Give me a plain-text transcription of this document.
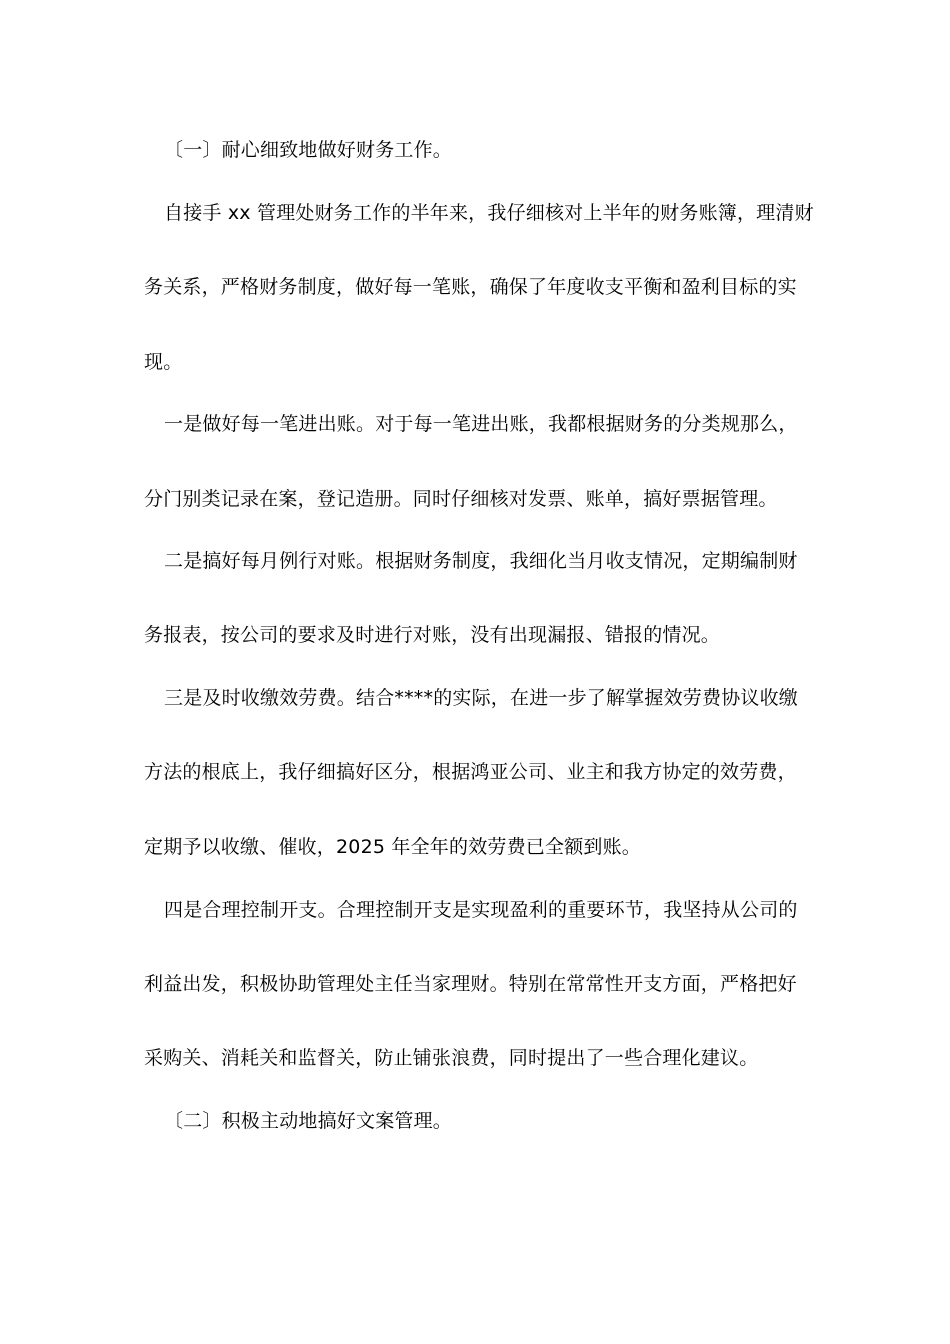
〔一〕耐心细致地做好财务工作。
自接手 xx 管理处财务工作的半年来，我仔细核对上半年的财务账簿，理清财
务关系，严格财务制度，做好每一笔账，确保了年度收支平衡和盈利目标的实
现。
一是做好每一笔进出账。对于每一笔进出账，我都根据财务的分类规那么，
分门别类记录在案，登记造册。同时仔细核对发票、账单，搞好票据管理。
二是搞好每月例行对账。根据财务制度，我细化当月收支情况，定期编制财
务报表，按公司的要求及时进行对账，没有出现漏报、错报的情况。
三是及时收缴效劳费。结合****的实际，在进一步了解掌握效劳费协议收缴
方法的根底上，我仔细搞好区分，根据鸿亚公司、业主和我方协定的效劳费，
定期予以收缴、催收，2025 年全年的效劳费已全额到账。
四是合理控制开支。合理控制开支是实现盈利的重要环节，我坚持从公司的
利益出发，积极协助管理处主任当家理财。特别在常常性开支方面，严格把好
采购关、消耗关和监督关，防止铺张浪费，同时提出了一些合理化建议。
〔二〕积极主动地搞好文案管理。
